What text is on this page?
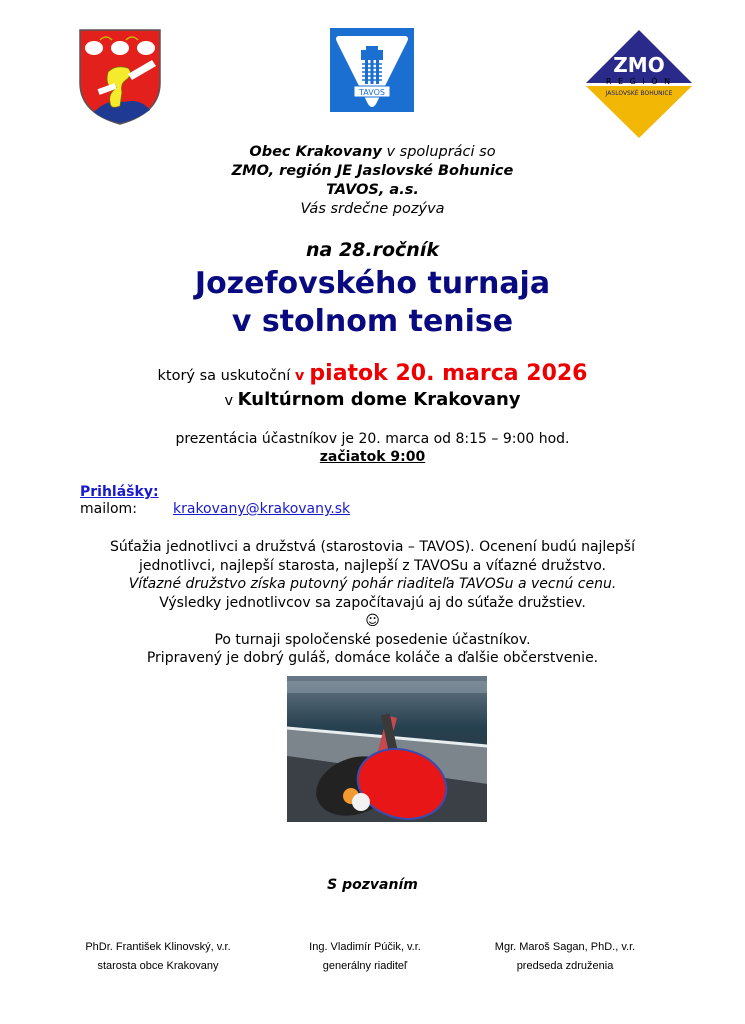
TAVOS
ZMO
R E G I Ó N
JASLOVSKÉ BOHUNICE
Obec Krakovany v spolupráci so
ZMO, región JE Jaslovské Bohunice
TAVOS, a.s.
Vás srdečne pozýva
na 28.ročník
Jozefovského turnaja
v stolnom tenise
ktorý sa uskutoční v piatok 20. marca 2026
v Kultúrnom dome Krakovany
prezentácia účastníkov je 20. marca od 8:15 – 9:00 hod.
začiatok 9:00
Prihlášky:
mailom:	krakovany@krakovany.sk
Súťažia jednotlivci a družstvá (starostovia – TAVOS). Ocenení budú najlepší
jednotlivci, najlepší starosta, najlepší z TAVOSu a víťazné družstvo.
Víťazné družstvo získa putovný pohár riaditeľa TAVOSu a vecnú cenu.
Výsledky jednotlivcov sa započítavajú aj do súťaže družstiev.
☺
Po turnaji spoločenské posedenie účastníkov.
Pripravený je dobrý guláš, domáce koláče a ďalšie občerstvenie.
S pozvaním
PhDr. František Klinovský, v.r.
starosta obce Krakovany
Ing. Vladimír Púčik, v.r.
generálny riaditeľ
Mgr. Maroš Sagan, PhD., v.r.
predseda združenia
